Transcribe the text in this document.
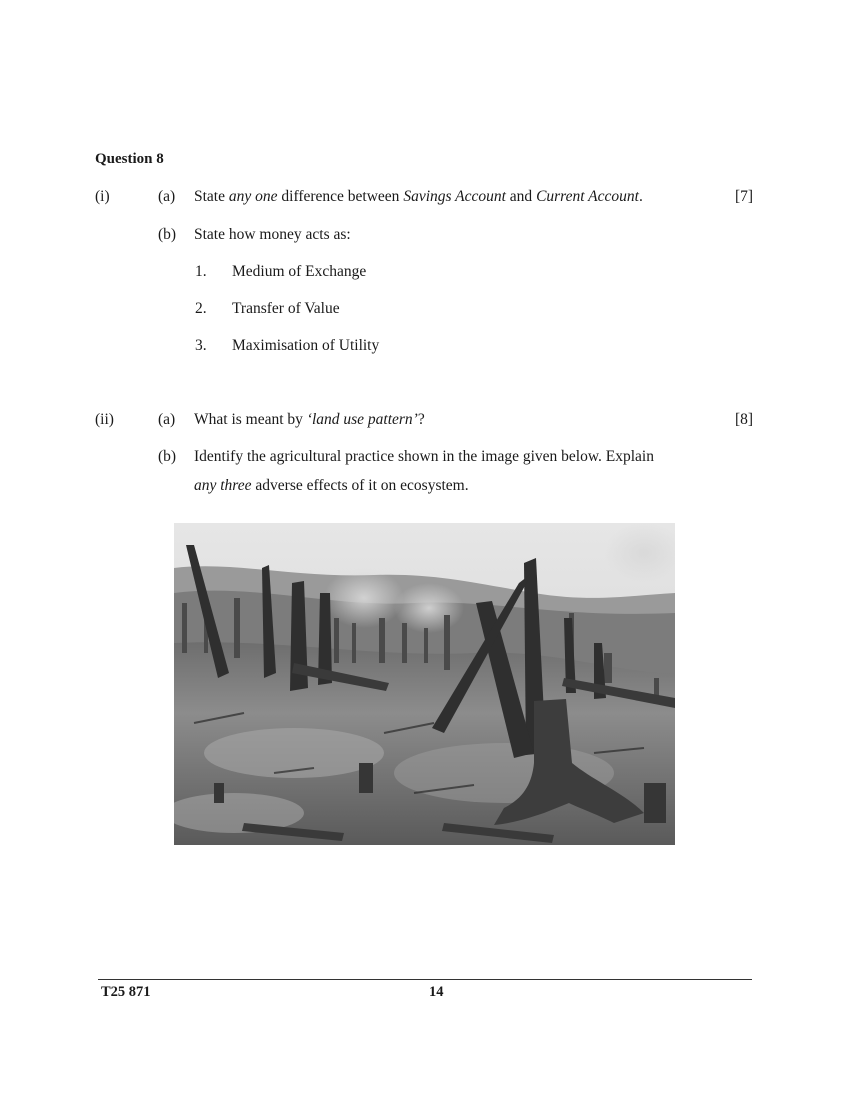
Question 8
(i)	(a) State any one difference between Savings Account and Current Account.	[7]
(b) State how money acts as:
1. Medium of Exchange
2. Transfer of Value
3. Maximisation of Utility
(ii)	(a) What is meant by ‘land use pattern’?	[8]
(b) Identify the agricultural practice shown in the image given below. Explain
any three adverse effects of it on ecosystem.
T25 871	14
